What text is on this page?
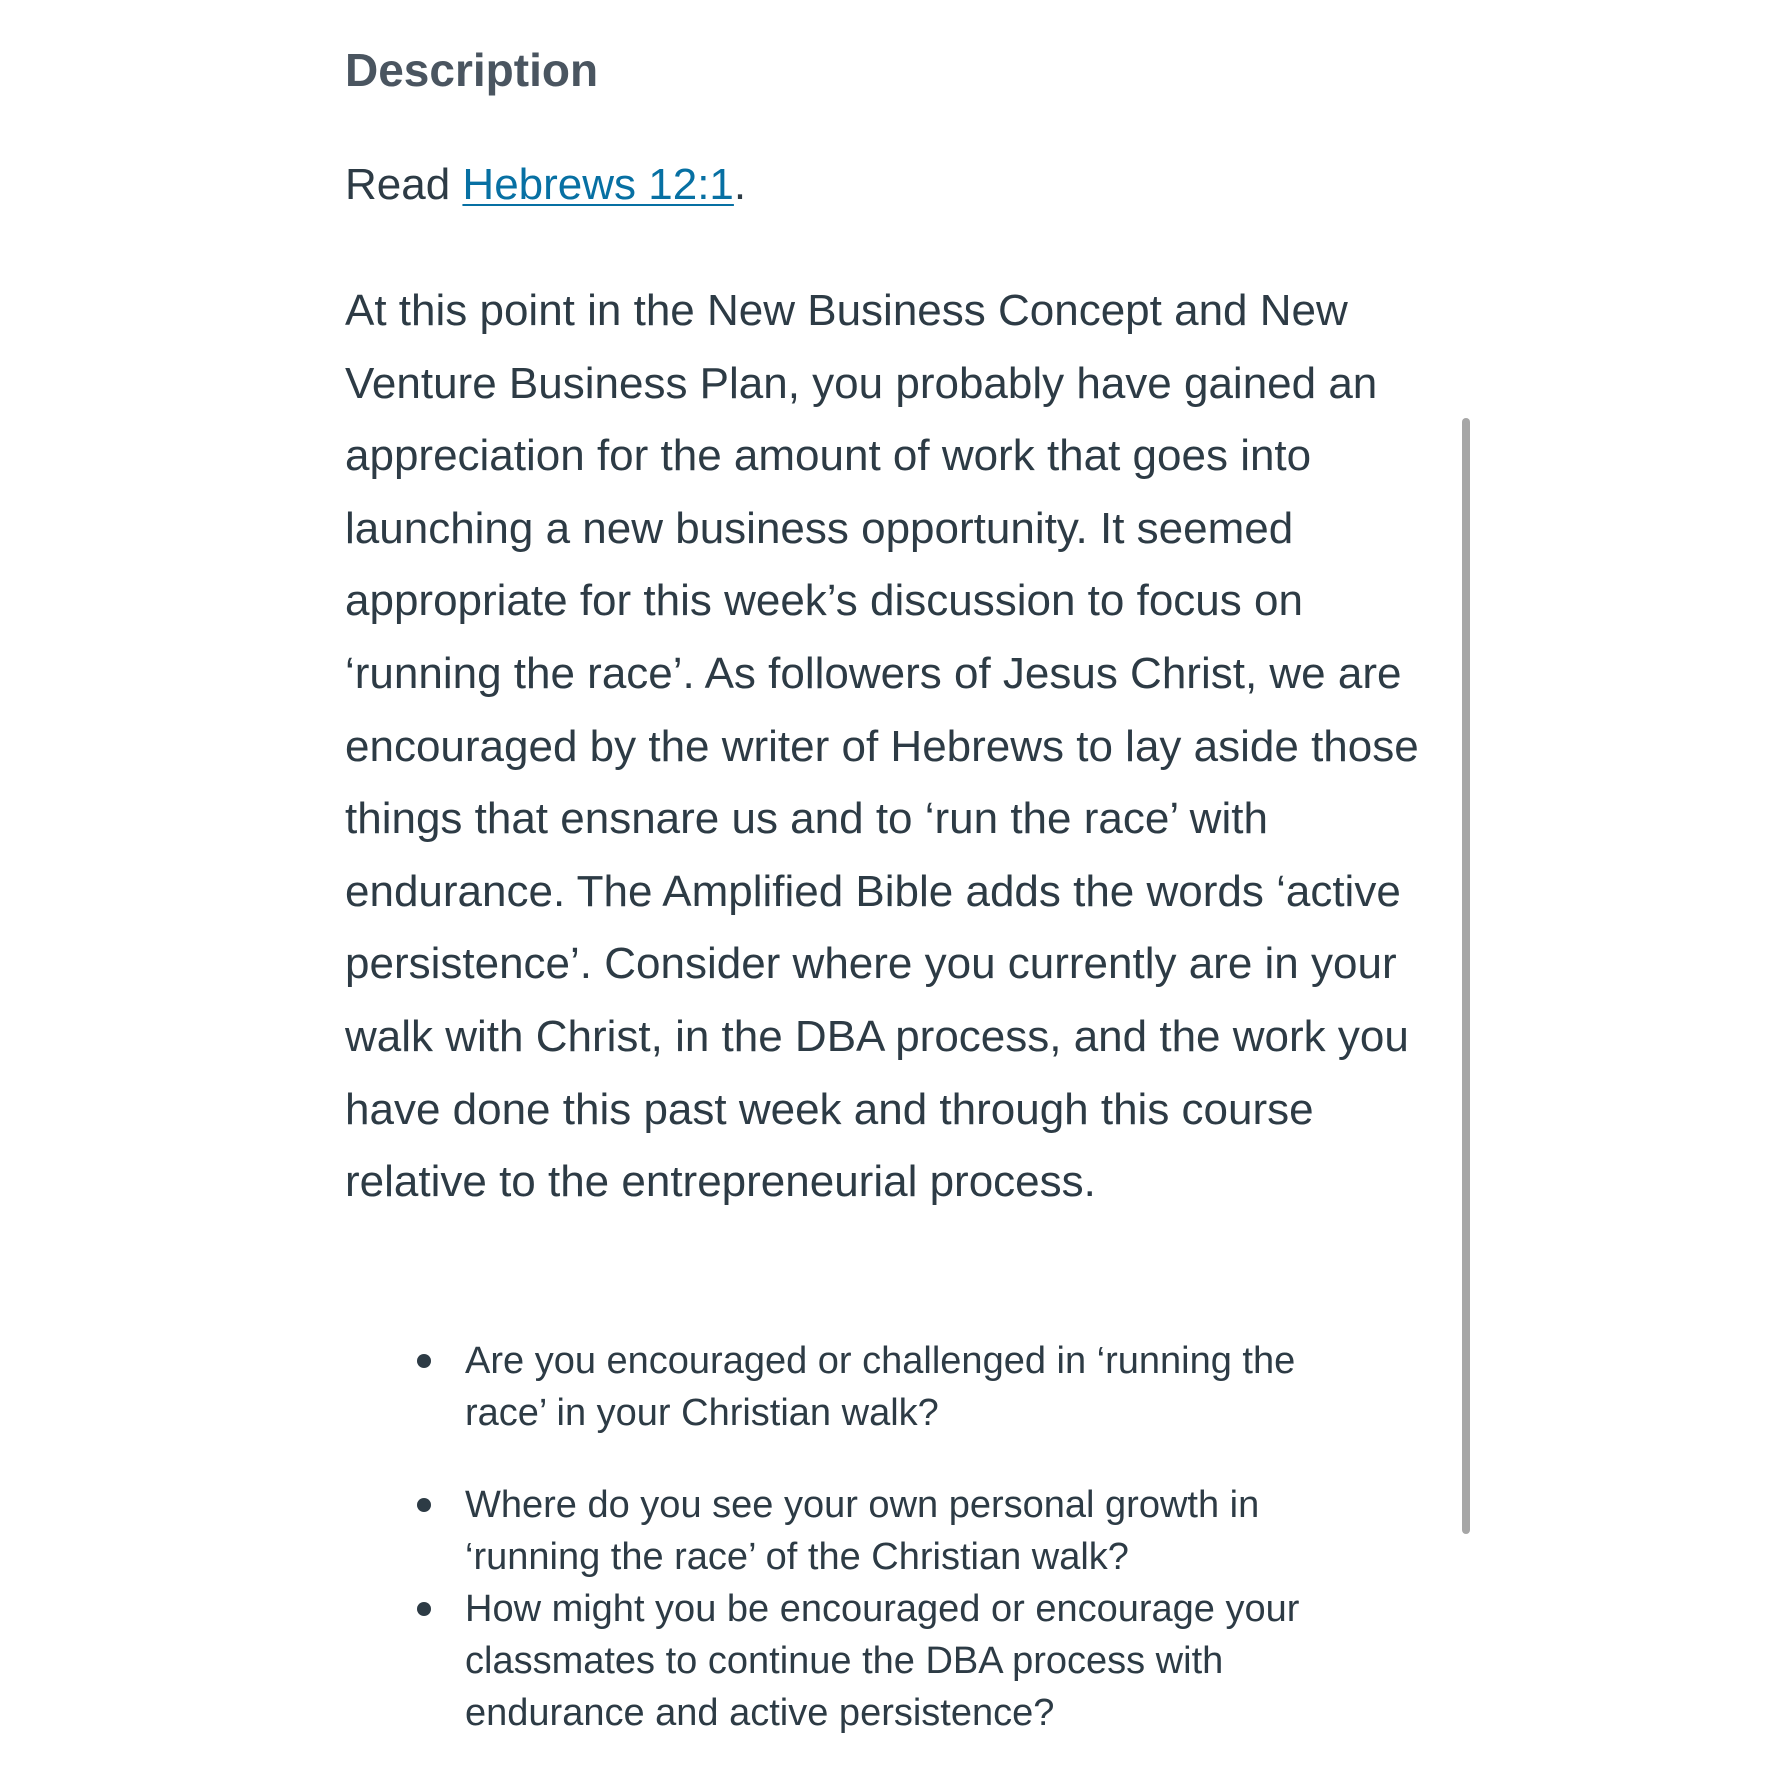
Description

Read Hebrews 12:1.

At this point in the New Business Concept and New Venture Business Plan, you probably have gained an appreciation for the amount of work that goes into launching a new business opportunity. It seemed appropriate for this week’s discussion to focus on ‘running the race’. As followers of Jesus Christ, we are encouraged by the writer of Hebrews to lay aside those things that ensnare us and to ‘run the race’ with endurance. The Amplified Bible adds the words ‘active persistence’. Consider where you currently are in your walk with Christ, in the DBA process, and the work you have done this past week and through this course relative to the entrepreneurial process.

Are you encouraged or challenged in ‘running the race’ in your Christian walk?
Where do you see your own personal growth in ‘running the race’ of the Christian walk?
How might you be encouraged or encourage your classmates to continue the DBA process with endurance and active persistence?
